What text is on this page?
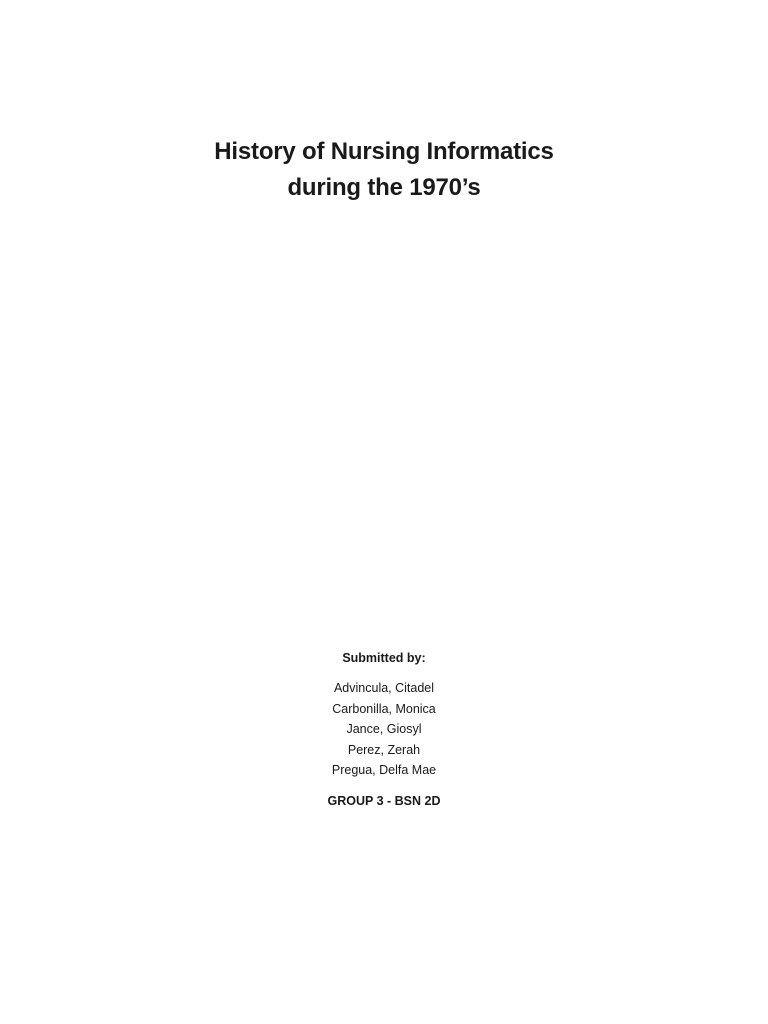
History of Nursing Informatics
during the 1970’s
Submitted by:
Advincula, Citadel
Carbonilla, Monica
Jance, Giosyl
Perez, Zerah
Pregua, Delfa Mae
GROUP 3 - BSN 2D
